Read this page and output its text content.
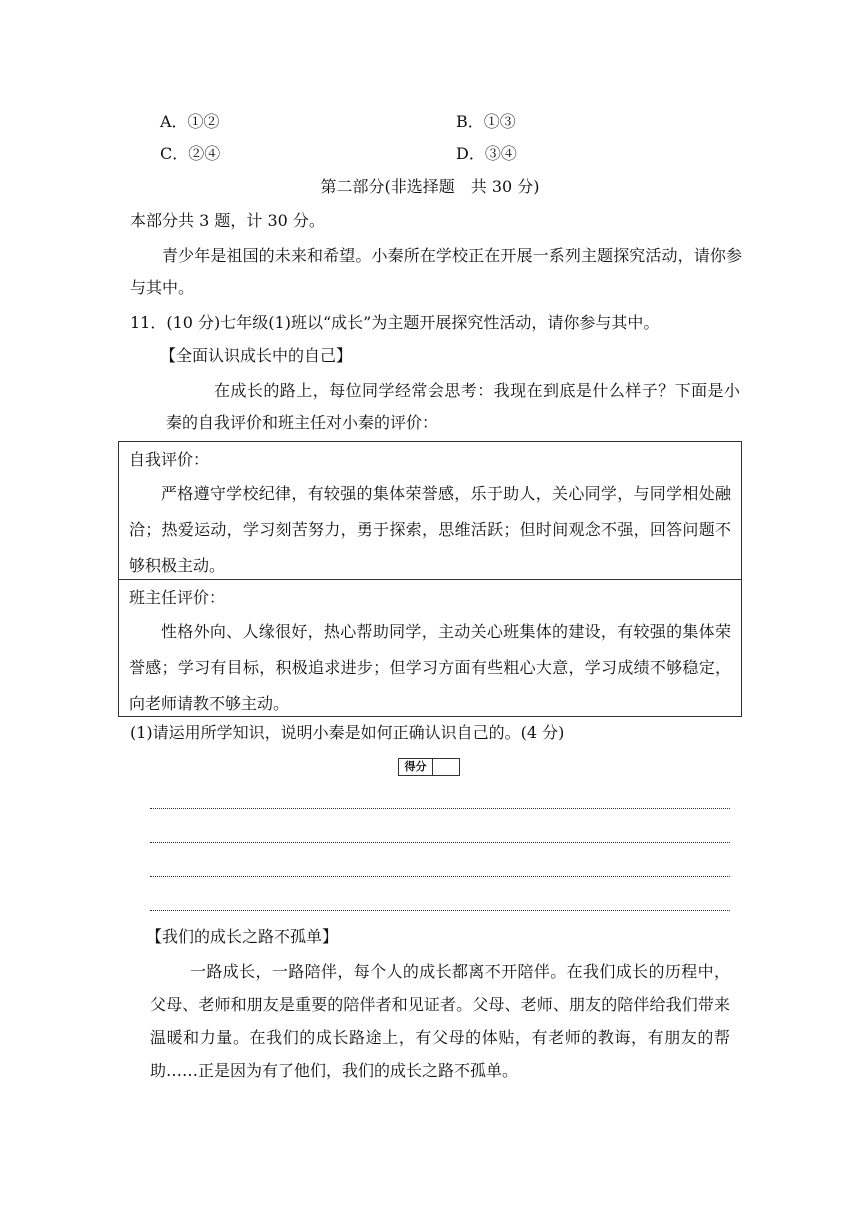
A．①②	B．①③
C．②④	D．③④
第二部分(非选择题　共 30 分)
本部分共 3 题，计 30 分。
青少年是祖国的未来和希望。小秦所在学校正在开展一系列主题探究活动，请你参与其中。
11．(10 分)七年级(1)班以“成长”为主题开展探究性活动，请你参与其中。
【全面认识成长中的自己】
在成长的路上，每位同学经常会思考：我现在到底是什么样子？下面是小秦的自我评价和班主任对小秦的评价：
自我评价：
严格遵守学校纪律，有较强的集体荣誉感，乐于助人，关心同学，与同学相处融洽；热爱运动，学习刻苦努力，勇于探索，思维活跃；但时间观念不强，回答问题不够积极主动。
班主任评价：
性格外向、人缘很好，热心帮助同学，主动关心班集体的建设，有较强的集体荣誉感；学习有目标，积极追求进步；但学习方面有些粗心大意，学习成绩不够稳定，向老师请教不够主动。
(1)请运用所学知识，说明小秦是如何正确认识自己的。(4 分)
得分
【我们的成长之路不孤单】
一路成长，一路陪伴，每个人的成长都离不开陪伴。在我们成长的历程中，父母、老师和朋友是重要的陪伴者和见证者。父母、老师、朋友的陪伴给我们带来温暖和力量。在我们的成长路途上，有父母的体贴，有老师的教诲，有朋友的帮助……正是因为有了他们，我们的成长之路不孤单。
